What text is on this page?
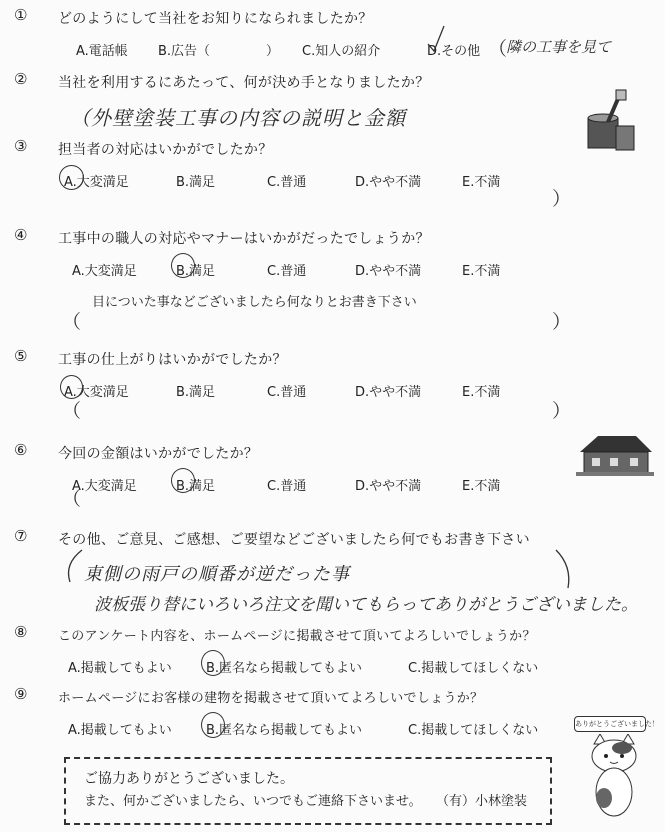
① どのようにして当社をお知りになられましたか？
A.電話帳 B.広告（	） C.知人の紹介	D.その他 （
隣の工事を見て
② 当社を利用するにあたって、何が決め手となりましたか？
（外壁塗装工事の内容の説明と金額
③ 担当者の対応はいかがでしたか？
A.大変満足	B.満足	C.普通	D.やや不満	E.不満
）
④ 工事中の職人の対応やマナーはいかがだったでしょうか？
A.大変満足	B.満足	C.普通	D.やや不満	E.不満
目についた事などございましたら何なりとお書き下さい
（	）
⑤ 工事の仕上がりはいかがでしたか？
A.大変満足	B.満足	C.普通	D.やや不満	E.不満
（	）
⑥ 今回の金額はいかがでしたか？
A.大変満足	B.満足	C.普通	D.やや不満	E.不満
（
⑦ その他、ご意見、ご感想、ご要望などございましたら何でもお書き下さい
東側の雨戸の順番が逆だった事
波板張り替にいろいろ注文を聞いてもらってありがとうございました。
⑧ このアンケート内容を、ホームページに掲載させて頂いてよろしいでしょうか？
A.掲載してもよい	B.匿名なら掲載してもよい	C.掲載してほしくない
⑨ ホームページにお客様の建物を掲載させて頂いてよろしいでしょうか？
A.掲載してもよい	B.匿名なら掲載してもよい	C.掲載してほしくない	ありがとうございました！
ご協力ありがとうございました。
また、何かございましたら、いつでもご連絡下さいませ。 （有）小林塗装
